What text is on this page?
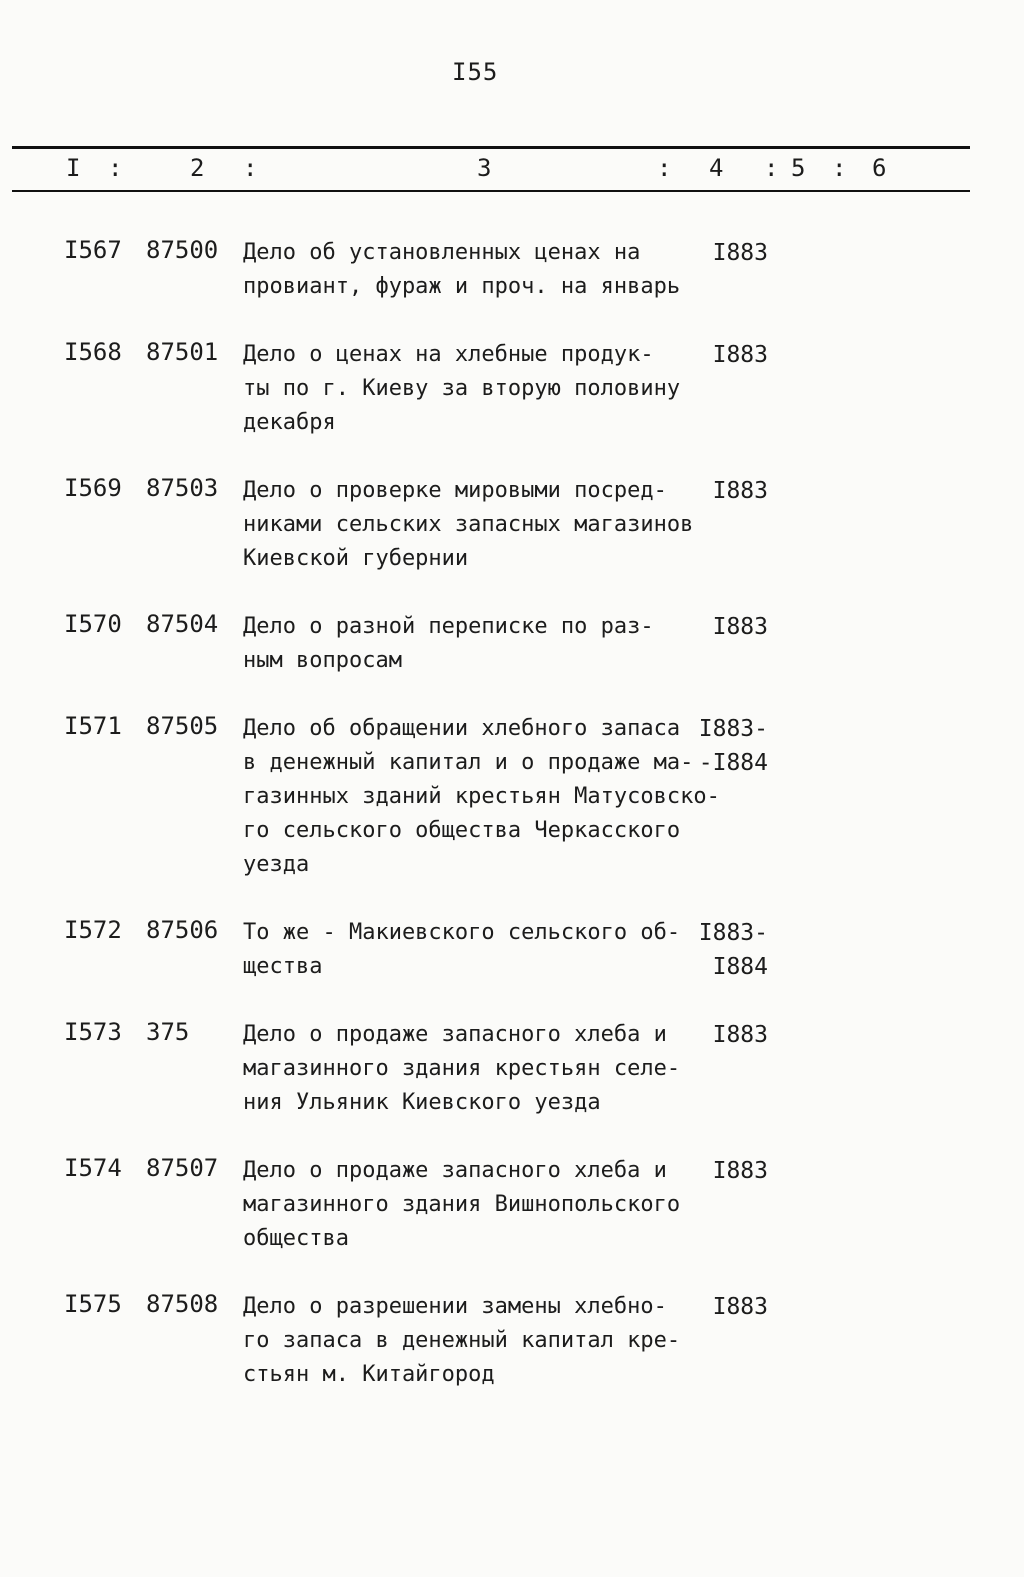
I55
I :	2 :	3	: 4 : 5 : 6
I567 87500 Дело об установленных ценах на
провиант, фураж и проч. на январь
I883
I568 87501 Дело о ценах на хлебные продук-
ты по г. Киеву за вторую половину
декабря
I883
I569 87503 Дело о проверке мировыми посред-
никами сельских запасных магазинов
Киевской губернии
I883
I570 87504 Дело о разной переписке по раз-
ным вопросам
I883
I571 87505 Дело об обращении хлебного запаса
в денежный капитал и о продаже ма-
газинных зданий крестьян Матусовско-
го сельского общества Черкасского
уезда
I883-
-I884
I572 87506 То же - Макиевского сельского об-
щества
I883-
I884
I573 375 Дело о продаже запасного хлеба и
магазинного здания крестьян селе-
ния Ульяник Киевского уезда
I883
I574 87507 Дело о продаже запасного хлеба и
магазинного здания Вишнопольского
общества
I883
I575 87508 Дело о разрешении замены хлебно-
го запаса в денежный капитал кре-
стьян м. Китайгород
I883
